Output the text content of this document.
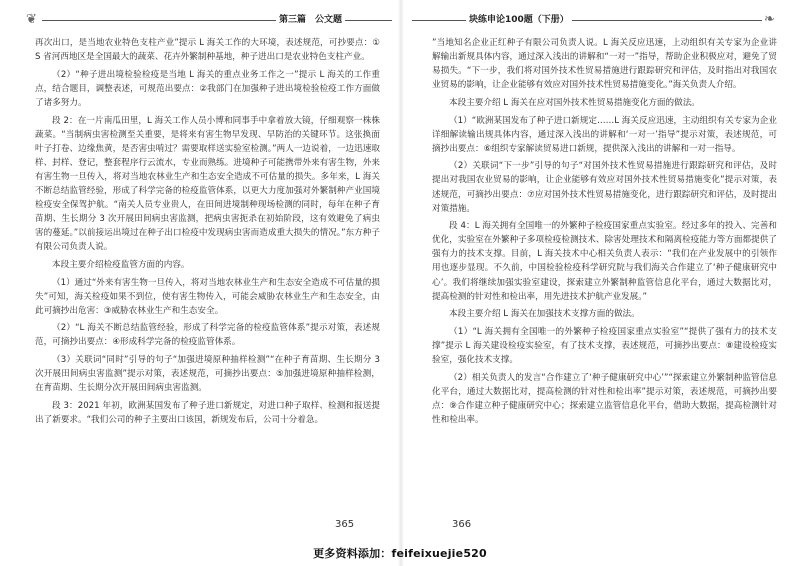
❦	第三篇　公文题	块练申论100题（下册）	❧

再次出口，是当地农业特色支柱产业”提示 L 海关工作的大环境，表述规范，可抄要点：①S 省河西地区是全国最大的蔬菜、花卉外繁制种基地，种子进出口是农业特色支柱产业。

（2）“种子进出境检验检疫是当地 L 海关的重点业务工作之一”提示 L 海关的工作重点，结合题目，调整表述，可规范出要点：②我部门在加强种子进出境检验检疫工作方面做了诸多努力。

段 2：在一片南瓜田里，L 海关工作人员小博和同事手中拿着放大镜，仔细观察一株株蔬菜。“当制病虫害检测至关重要，是将来有害生物早发现、早防治的关键环节。这张换面叶子打卷、边缘焦黄，是否害虫啃过？需要取样送实验室检测。”两人一边说着，一边迅速取样、封样、登记，整套程序行云流水，专业而熟练。进境种子可能携带外来有害生物，外来有害生物一旦传入，将对当地农林业生产和生态安全造成不可估量的损失。多年来，L 海关不断总结监管经验，形成了科学完备的检疫监管体系，以更大力度加强对外繁制种产业国境检疫安全保驾护航。“南关人员专业贵人，在田间进境制种现场检测的同时，每年在种子育苗期、生长期分 3 次开展田间病虫害监测，把病虫害扼杀在初始阶段，这有效避免了病虫害的蔓延。”以前接运出境过在种子出口检疫中发现病虫害而造成重大损失的情况。”东方种子有限公司负责人说。

本段主要介绍检疫监管方面的内容。

（1）通过“外来有害生物一旦传入，将对当地农林业生产和生态安全造成不可估量的损失”可知，海关检疫如果不到位，使有害生物传入，可能会威胁农林业生产和生态安全，由此可摘抄出危害：③威胁农林业生产和生态安全。

（2）“L 海关不断总结监管经验，形成了科学完备的检疫监管体系”提示对策，表述规范，可摘抄出要点：④形成科学完备的检疫监管体系。

（3）关联词“同时”引导的句子“加强进境原种抽样检测”“在种子育苗期、生长期分 3 次开展田间病虫害监测”提示对策，表述规范，可摘抄出要点：⑤加强进境原种抽样检测，在育苗期、生长期分次开展田间病虫害监测。

段 3：2021 年初，欧洲某国发布了种子进口新规定，对进口种子取样、检测和报送提出了新要求。“我们公司的种子主要出口该国，新规发布后，公司十分着急。

”当地知名企业正红种子有限公司负责人说。L 海关反应迅速，上动组织有关专家为企业讲解输出新规具体内容，通过深入浅出的讲解和“一对一”指导，帮助企业积极应对，避免了贸易损失。“下一步，我们将对国外技术性贸易措施进行跟踪研究和评估，及时指出对我国农业贸易的影响，让企业能够有效应对国外技术性贸易措施变化。”海关负责人介绍。

本段主要介绍 L 海关在应对国外技术性贸易措施变化方面的做法。

（1）“欧洲某国发布了种子进口新规定……L 海关反应迅速，主动组织有关专家为企业详细解读输出规具体内容，通过深入浅出的讲解和‘一对一’指导”提示对策，表述规范，可摘抄出要点：⑥组织专家解读贸易进口新规，提供深入浅出的讲解和一对一指导。

（2）关联词“下一步”引导的句子“对国外技术性贸易措施进行跟踪研究和评估，及时提出对我国农业贸易的影响，让企业能够有效应对国外技术性贸易措施变化”提示对策，表述规范，可摘抄出要点：⑦应对国外技术性贸易措施变化，进行跟踪研究和评估，及时提出对策措施。

段 4：L 海关拥有全国唯一的外繁种子检疫国家重点实验室。经过多年的投入、完善和优化，实验室在外繁种子多项检疫检测技术、除害处理技术和隔离检疫能力等方面都提供了强有力的技术支撑。目前，L 海关技术中心相关负责人表示：“我们在产业发展中的引领作用也逐步显现。不久前，中国检验检疫科学研究院与我们海关合作建立了‘种子健康研究中心’。我们将继续加强实验室建设，探索建立外繁制种监管信息化平台，通过大数据比对，提高检测的针对性和检出率，用先进技术护航产业发展。”

本段主要介绍 L 海关在加强技术支撑方面的做法。

（1）“L 海关拥有全国唯一的外繁种子检疫国家重点实验室”“提供了强有力的技术支撑”提示 L 海关建设检疫实验室，有了技术支撑，表述规范，可摘抄出要点：⑧建设检疫实验室，强化技术支撑。

（2）相关负责人的发言“合作建立了‘种子健康研究中心’”“探索建立外繁制种监管信息化平台，通过大数据比对，提高检测的针对性和检出率”提示对策，表述规范，可摘抄出要点：⑨合作建立种子健康研究中心；探索建立监管信息化平台，借助大数据，提高检测针对性和检出率。

365	366
更多资料添加：feifeixuejie520
